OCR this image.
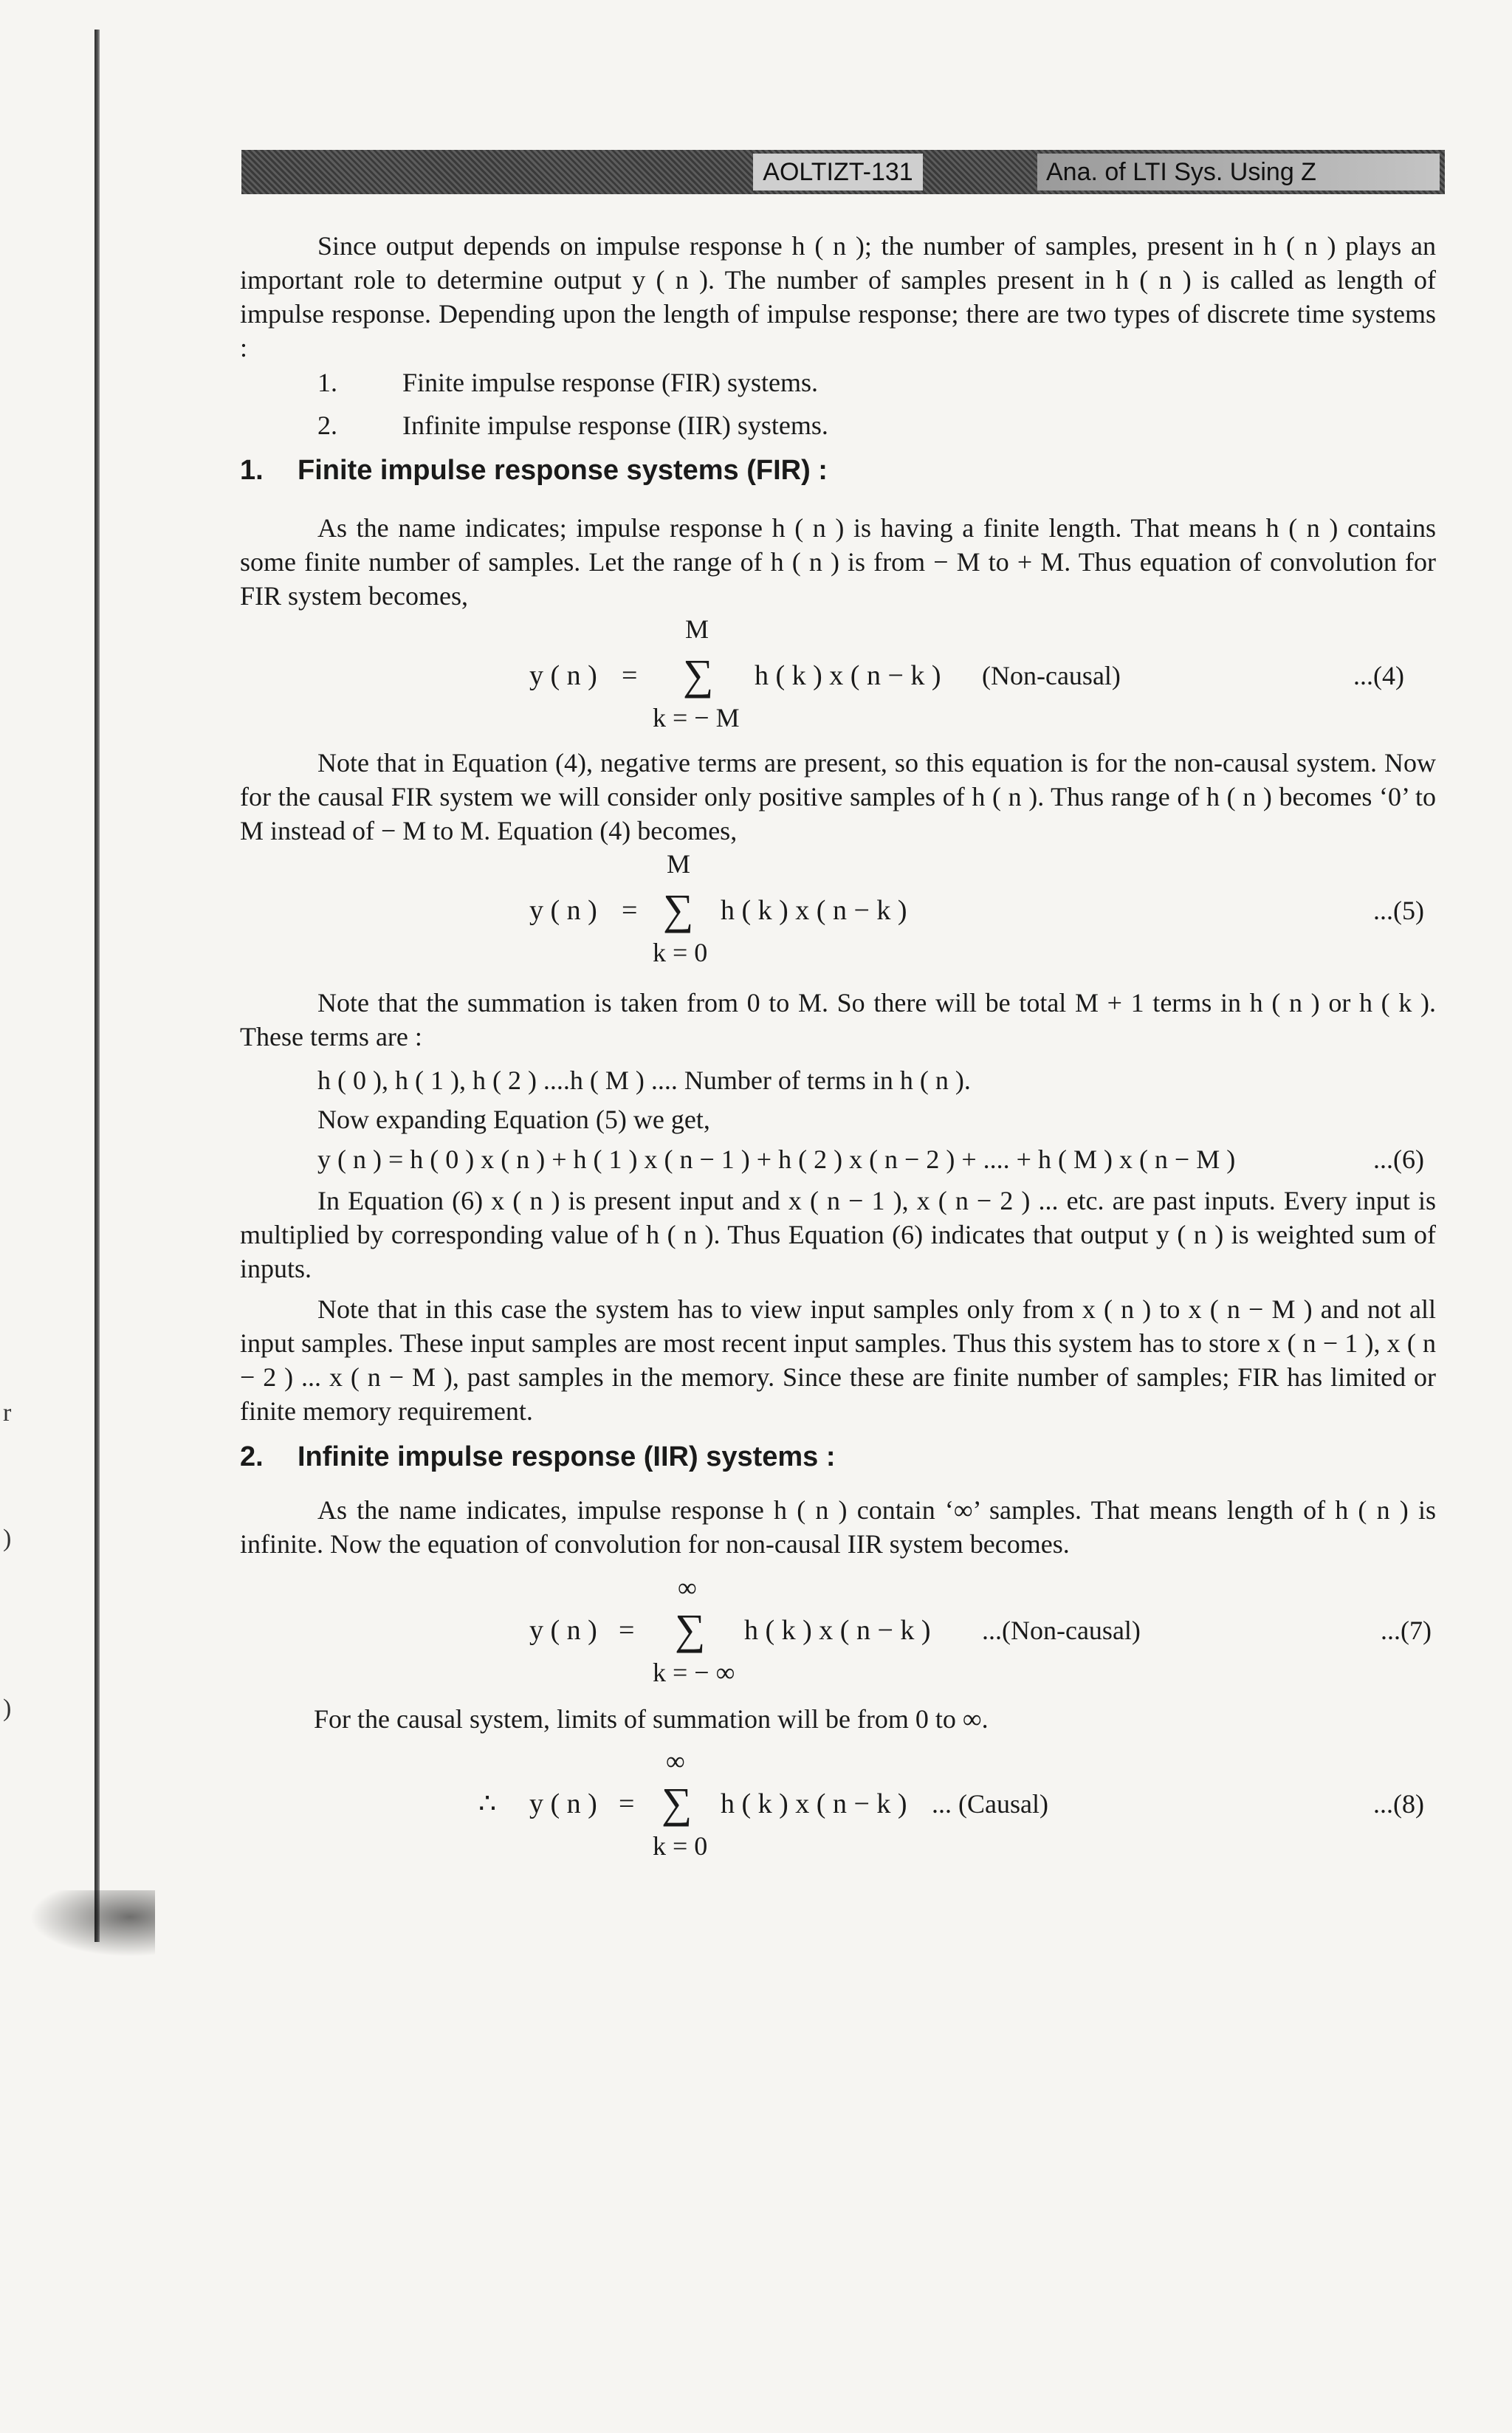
AOLTIZT-131	Ana. of LTI Sys. Using Z
r
)
)
Since output depends on impulse response h ( n ); the number of samples, present in h ( n ) plays an important role to determine output y ( n ). The number of samples present in h ( n ) is called as length of impulse response. Depending upon the length of impulse response; there are two types of discrete time systems :
1. Finite impulse response (FIR) systems.
2. Infinite impulse response (IIR) systems.
1. Finite impulse response systems (FIR) :
As the name indicates; impulse response h ( n ) is having a finite length. That means h ( n ) contains some finite number of samples. Let the range of h ( n ) is from − M to + M. Thus equation of convolution for FIR system becomes,
M
y ( n ) = ∑ h ( k ) x ( n − k ) (Non-causal)	...(4)
k = − M
Note that in Equation (4), negative terms are present, so this equation is for the non-causal system. Now for the causal FIR system we will consider only positive samples of h ( n ). Thus range of h ( n ) becomes ‘0’ to M instead of − M to M. Equation (4) becomes,
M
y ( n ) = ∑ h ( k ) x ( n − k )	...(5)
k = 0
Note that the summation is taken from 0 to M. So there will be total M + 1 terms in h ( n ) or h ( k ). These terms are :
h ( 0 ), h ( 1 ), h ( 2 ) ....h ( M ) .... Number of terms in h ( n ).
Now expanding Equation (5) we get,
y ( n ) = h ( 0 ) x ( n ) + h ( 1 ) x ( n − 1 ) + h ( 2 ) x ( n − 2 ) + .... + h ( M ) x ( n − M )	...(6)
In Equation (6) x ( n ) is present input and x ( n − 1 ), x ( n − 2 ) ... etc. are past inputs. Every input is multiplied by corresponding value of h ( n ). Thus Equation (6) indicates that output y ( n ) is weighted sum of inputs.
Note that in this case the system has to view input samples only from x ( n ) to x ( n − M ) and not all input samples. These input samples are most recent input samples. Thus this system has to store x ( n − 1 ), x ( n − 2 ) ... x ( n − M ), past samples in the memory. Since these are finite number of samples; FIR has limited or finite memory requirement.
2. Infinite impulse response (IIR) systems :
As the name indicates, impulse response h ( n ) contain ‘∞’ samples. That means length of h ( n ) is infinite. Now the equation of convolution for non-causal IIR system becomes.
∞
y ( n ) = ∑ h ( k ) x ( n − k ) ...(Non-causal)	...(7)
k = − ∞
For the causal system, limits of summation will be from 0 to ∞.
∞
∴ y ( n ) = ∑ h ( k ) x ( n − k ) ... (Causal)	...(8)
k = 0
